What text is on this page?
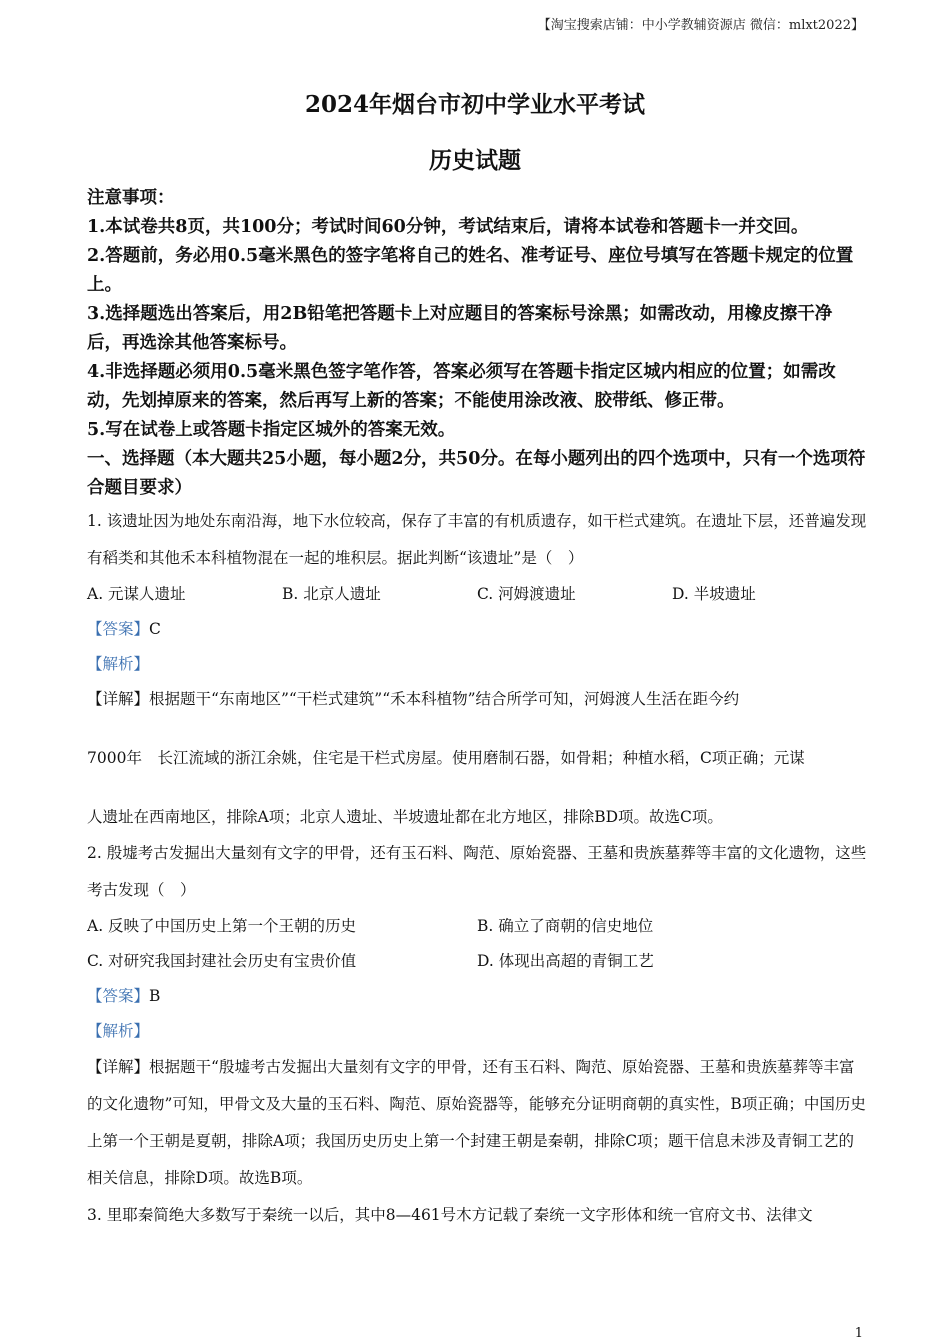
【淘宝搜索店铺：中小学教辅资源店 微信：mlxt2022】
2024年烟台市初中学业水平考试
历史试题
注意事项：
1.本试卷共8页，共100分；考试时间60分钟，考试结束后，请将本试卷和答题卡一并交回。
2.答题前，务必用0.5毫米黑色的签字笔将自己的姓名、准考证号、座位号填写在答题卡规定的位置上。
3.选择题选出答案后，用2B铅笔把答题卡上对应题目的答案标号涂黑；如需改动，用橡皮擦干净后，再选涂其他答案标号。
4.非选择题必须用0.5毫米黑色签字笔作答，答案必须写在答题卡指定区城内相应的位置；如需改动，先划掉原来的答案，然后再写上新的答案；不能使用涂改液、胶带纸、修正带。
5.写在试卷上或答题卡指定区城外的答案无效。
一、选择题（本大题共25小题，每小题2分，共50分。在每小题列出的四个选项中，只有一个选项符合题目要求）
1. 该遗址因为地处东南沿海，地下水位较高，保存了丰富的有机质遗存，如干栏式建筑。在遗址下层，还普遍发现有稻类和其他禾本科植物混在一起的堆积层。据此判断“该遗址”是（　）
A. 元谋人遗址	B. 北京人遗址	C. 河姆渡遗址	D. 半坡遗址
【答案】 C
【解析】
【详解】 根据题干“东南地区”“干栏式建筑”“禾本科植物”结合所学可知，河姆渡人生活在距今约
7000年　长江流域的浙江余姚，住宅是干栏式房屋。使用磨制石器，如骨耜；种植水稻，C项正确；元谋
人遗址在西南地区，排除A项；北京人遗址、半坡遗址都在北方地区，排除BD项。故选C项。
2. 殷墟考古发掘出大量刻有文字的甲骨，还有玉石料、陶范、原始瓷器、王墓和贵族墓葬等丰富的文化遗物，这些考古发现（　）
A. 反映了中国历史上第一个王朝的历史	B. 确立了商朝的信史地位
C. 对研究我国封建社会历史有宝贵价值	D. 体现出高超的青铜工艺
【答案】 B
【解析】
【详解】根据题干“殷墟考古发掘出大量刻有文字的甲骨，还有玉石料、陶范、原始瓷器、王墓和贵族墓葬等丰富的文化遗物”可知，甲骨文及大量的玉石料、陶范、原始瓷器等，能够充分证明商朝的真实性，B项正确；中国历史上第一个王朝是夏朝，排除A项；我国历史历史上第一个封建王朝是秦朝，排除C项；题干信息未涉及青铜工艺的相关信息，排除D项。故选B项。
3. 里耶秦简绝大多数写于秦统一以后，其中8—461号木方记载了秦统一文字形体和统一官府文书、法律文
1
